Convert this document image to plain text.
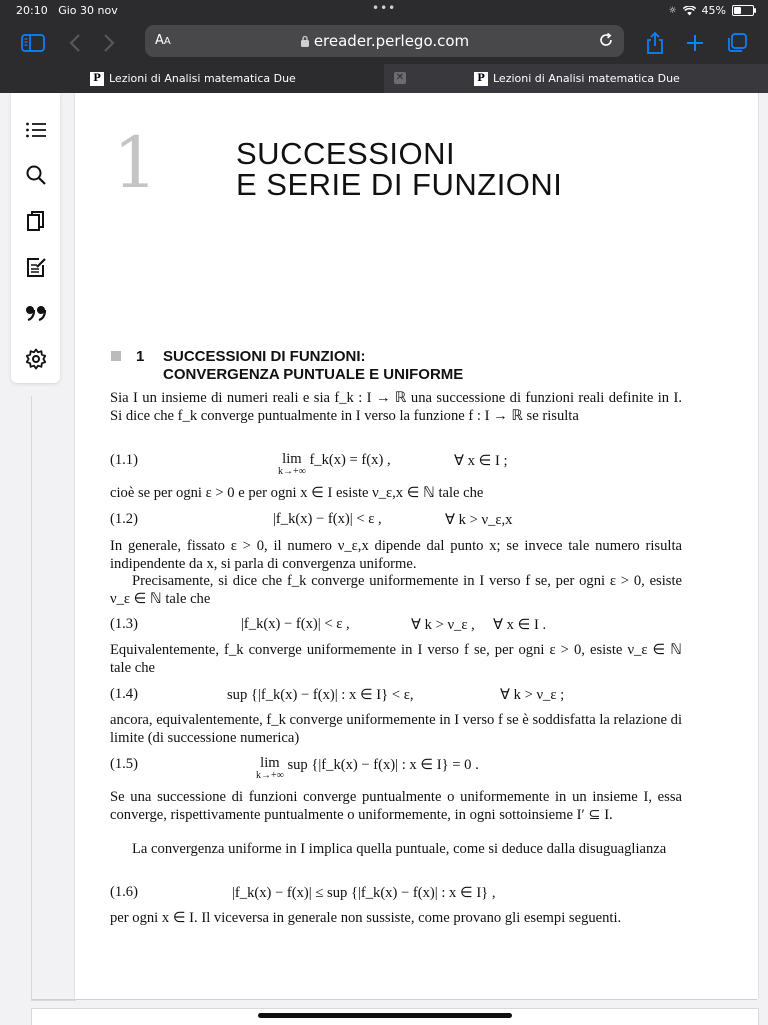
20:10 Gio 30 nov	•••	☼ 45%
AA	ereader.perlego.com
P Lezioni di Analisi matematica Due	✕	P Lezioni di Analisi matematica Due
1	SUCCESSIONI
E SERIE DI FUNZIONI
1 SUCCESSIONI DI FUNZIONI:
CONVERGENZA PUNTUALE E UNIFORME
Sia I un insieme di numeri reali e sia f_k : I → ℝ una successione di funzioni reali definite in I. Si dice che f_k converge puntualmente in I verso la funzione f : I → ℝ se risulta
(1.1)	lim
k→+∞
f_k(x) = f(x) ,	∀ x ∈ I ;
cioè se per ogni ε > 0 e per ogni x ∈ I esiste ν_ε,x ∈ ℕ tale che
(1.2)	|f_k(x) − f(x)| < ε ,	∀ k > ν_ε,x
In generale, fissato ε > 0, il numero ν_ε,x dipende dal punto x; se invece tale numero risulta indipendente da x, si parla di convergenza uniforme.
Precisamente, si dice che f_k converge uniformemente in I verso f se, per ogni ε > 0, esiste ν_ε ∈ ℕ tale che
(1.3)	|f_k(x) − f(x)| < ε ,	∀ k > ν_ε , ∀ x ∈ I .
Equivalentemente, f_k converge uniformemente in I verso f se, per ogni ε > 0, esiste ν_ε ∈ ℕ tale che
(1.4)	sup {|f_k(x) − f(x)| : x ∈ I} < ε,	∀ k > ν_ε ;
ancora, equivalentemente, f_k converge uniformemente in I verso f se è soddisfatta la relazione di limite (di successione numerica)
(1.5)	lim
k→+∞
sup {|f_k(x) − f(x)| : x ∈ I} = 0 .
Se una successione di funzioni converge puntualmente o uniformemente in un insieme I, essa converge, rispettivamente puntualmente o uniformemente, in ogni sottoinsieme I′ ⊆ I.
La convergenza uniforme in I implica quella puntuale, come si deduce dalla disuguaglianza
(1.6)	|f_k(x) − f(x)| ≤ sup {|f_k(x) − f(x)| : x ∈ I} ,
per ogni x ∈ I. Il viceversa in generale non sussiste, come provano gli esempi seguenti.
